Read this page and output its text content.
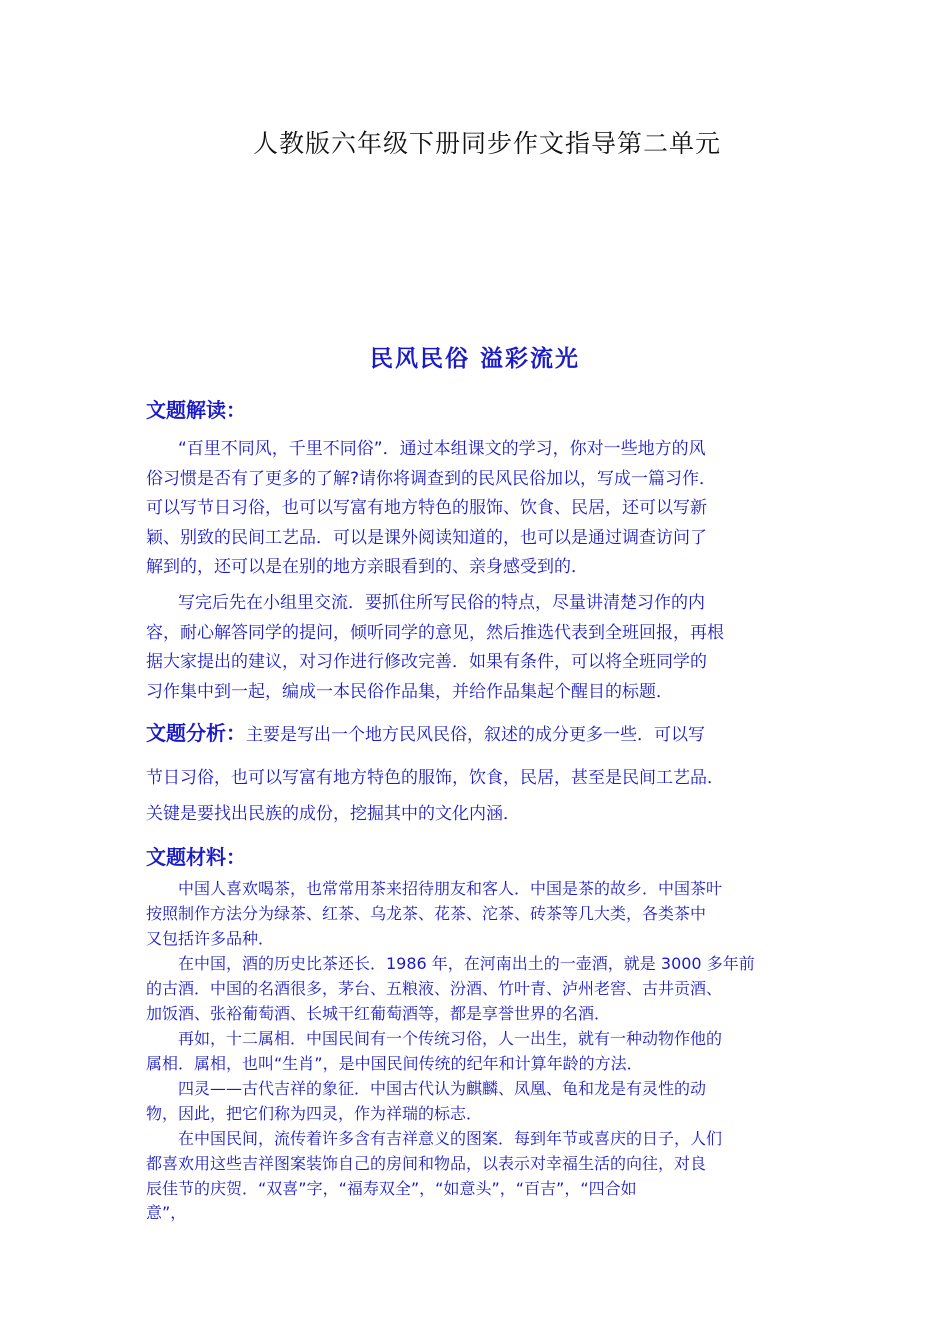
人教版六年级下册同步作文指导第二单元
民风民俗 溢彩流光
文题解读：
“百里不同风，千里不同俗”．通过本组课文的学习，你对一些地方的风
俗习惯是否有了更多的了解?请你将调查到的民风民俗加以，写成一篇习作．
可以写节日习俗，也可以写富有地方特色的服饰、饮食、民居，还可以写新
颖、别致的民间工艺品．可以是课外阅读知道的，也可以是通过调查访问了
解到的，还可以是在别的地方亲眼看到的、亲身感受到的．
写完后先在小组里交流．要抓住所写民俗的特点，尽量讲清楚习作的内
容，耐心解答同学的提问，倾听同学的意见，然后推选代表到全班回报，再根
据大家提出的建议，对习作进行修改完善．如果有条件，可以将全班同学的
习作集中到一起，编成一本民俗作品集，并给作品集起个醒目的标题．
文题分析：主要是写出一个地方民风民俗，叙述的成分更多一些．可以写
节日习俗，也可以写富有地方特色的服饰，饮食，民居，甚至是民间工艺品．
关键是要找出民族的成份，挖掘其中的文化内涵．
文题材料：
中国人喜欢喝茶，也常常用茶来招待朋友和客人．中国是茶的故乡．中国茶叶
按照制作方法分为绿茶、红茶、乌龙茶、花茶、沱茶、砖茶等几大类，各类茶中
又包括许多品种．
在中国，酒的历史比茶还长．1986 年，在河南出土的一壶酒，就是 3000 多年前
的古酒．中国的名酒很多，茅台、五粮液、汾酒、竹叶青、泸州老窖、古井贡酒、
加饭酒、张裕葡萄酒、长城干红葡萄酒等，都是享誉世界的名酒．
再如，十二属相．中国民间有一个传统习俗，人一出生，就有一种动物作他的
属相．属相，也叫“生肖”，是中国民间传统的纪年和计算年龄的方法．
四灵——古代吉祥的象征．中国古代认为麒麟、凤凰、龟和龙是有灵性的动
物，因此，把它们称为四灵，作为祥瑞的标志．
在中国民间，流传着许多含有吉祥意义的图案．每到年节或喜庆的日子，人们
都喜欢用这些吉祥图案装饰自己的房间和物品，以表示对幸福生活的向往，对良
辰佳节的庆贺．“双喜”字，“福寿双全”，“如意头”，“百吉”，“四合如
意”，
